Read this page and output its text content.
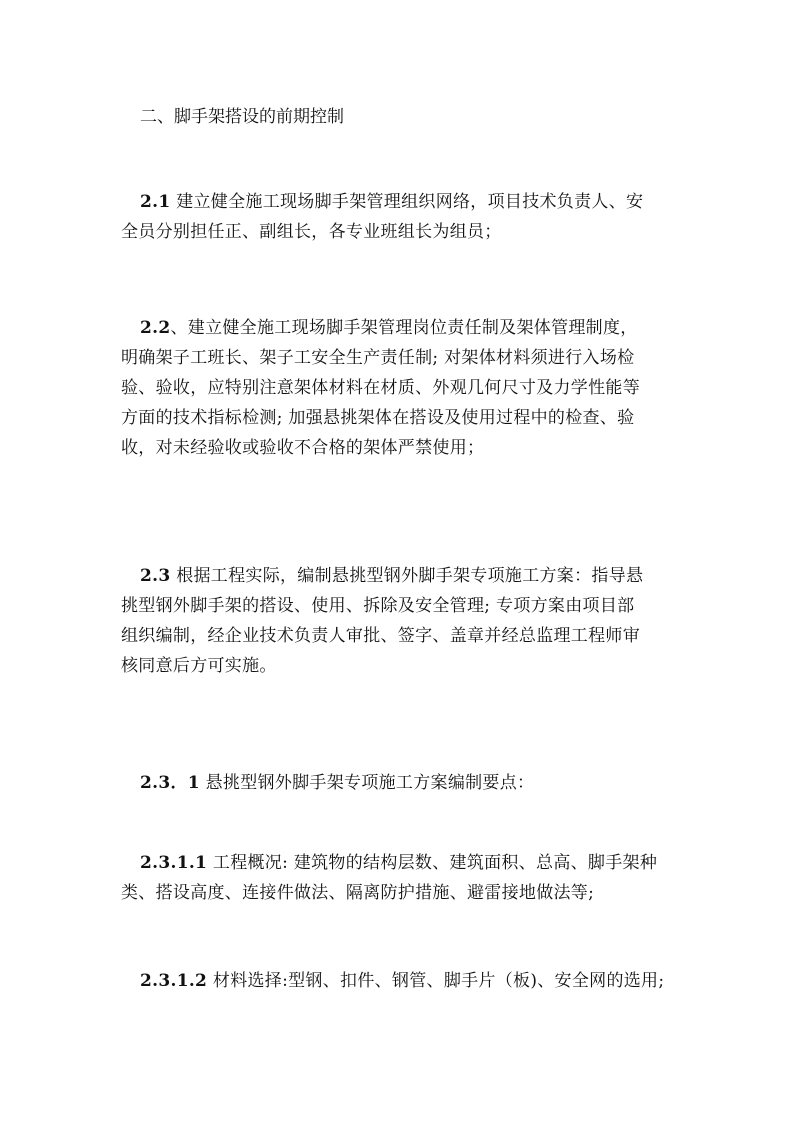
二、脚手架搭设的前期控制
2.1 建立健全施工现场脚手架管理组织网络，项目技术负责人、安
全员分别担任正、副组长，各专业班组长为组员；
2.2、建立健全施工现场脚手架管理岗位责任制及架体管理制度，
明确架子工班长、架子工安全生产责任制; 对架体材料须进行入场检
验、验收，应特别注意架体材料在材质、外观几何尺寸及力学性能等
方面的技术指标检测; 加强悬挑架体在搭设及使用过程中的检查、验
收，对未经验收或验收不合格的架体严禁使用；
2.3 根据工程实际，编制悬挑型钢外脚手架专项施工方案：指导悬
挑型钢外脚手架的搭设、使用、拆除及安全管理; 专项方案由项目部
组织编制，经企业技术负责人审批、签字、盖章并经总监理工程师审
核同意后方可实施。
2.3．1 悬挑型钢外脚手架专项施工方案编制要点：
2.3.1.1 工程概况: 建筑物的结构层数、建筑面积、总高、脚手架种
类、搭设高度、连接件做法、隔离防护措施、避雷接地做法等;
2.3.1.2 材料选择:型钢、扣件、钢管、脚手片（板)、安全网的选用;
